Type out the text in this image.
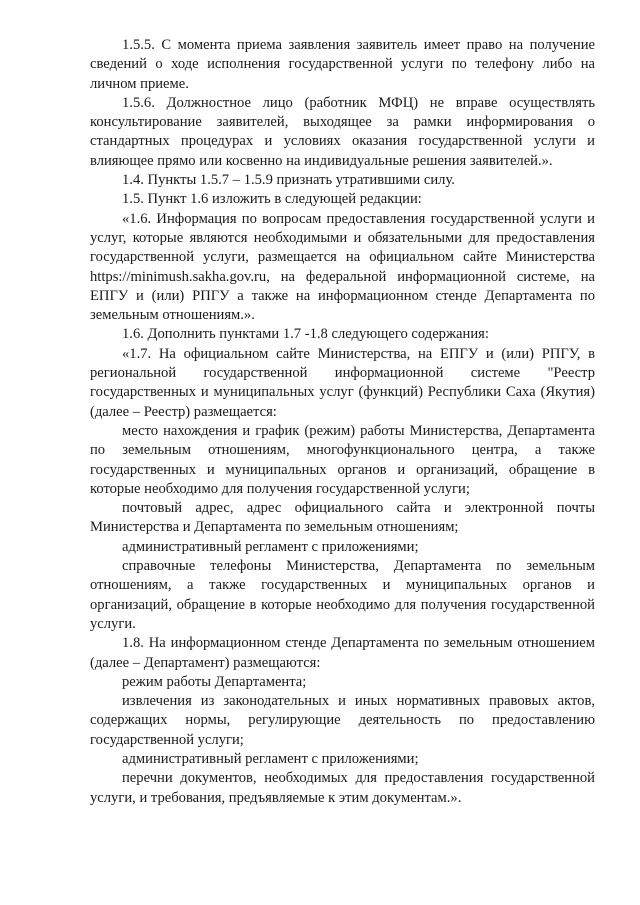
1.5.5. С момента приема заявления заявитель имеет право на получение сведений о ходе исполнения государственной услуги по телефону либо на личном приеме.

1.5.6. Должностное лицо (работник МФЦ) не вправе осуществлять консультирование заявителей, выходящее за рамки информирования о стандартных процедурах и условиях оказания государственной услуги и влияющее прямо или косвенно на индивидуальные решения заявителей.».

1.4. Пункты 1.5.7 – 1.5.9 признать утратившими силу.

1.5. Пункт 1.6 изложить в следующей редакции:

«1.6. Информация по вопросам предоставления государственной услуги и услуг, которые являются необходимыми и обязательными для предоставления государственной услуги, размещается на официальном сайте Министерства https://minimush.sakha.gov.ru, на федеральной информационной системе, на ЕПГУ и (или) РПГУ а также на информационном стенде Департамента по земельным отношениям.».

1.6. Дополнить пунктами 1.7 -1.8 следующего содержания:

«1.7. На официальном сайте Министерства, на ЕПГУ и (или) РПГУ, в региональной государственной информационной системе "Реестр государственных и муниципальных услуг (функций) Республики Саха (Якутия) (далее – Реестр) размещается:

место нахождения и график (режим) работы Министерства, Департамента по земельным отношениям, многофункционального центра, а также государственных и муниципальных органов и организаций, обращение в которые необходимо для получения государственной услуги;

почтовый адрес, адрес официального сайта и электронной почты Министерства и Департамента по земельным отношениям;

административный регламент с приложениями;

справочные телефоны Министерства, Департамента по земельным отношениям, а также государственных и муниципальных органов и организаций, обращение в которые необходимо для получения государственной услуги.

1.8. На информационном стенде Департамента по земельным отношением (далее – Департамент) размещаются:

режим работы Департамента;

извлечения из законодательных и иных нормативных правовых актов, содержащих нормы, регулирующие деятельность по предоставлению государственной услуги;

административный регламент с приложениями;

перечни документов, необходимых для предоставления государственной услуги, и требования, предъявляемые к этим документам.».
